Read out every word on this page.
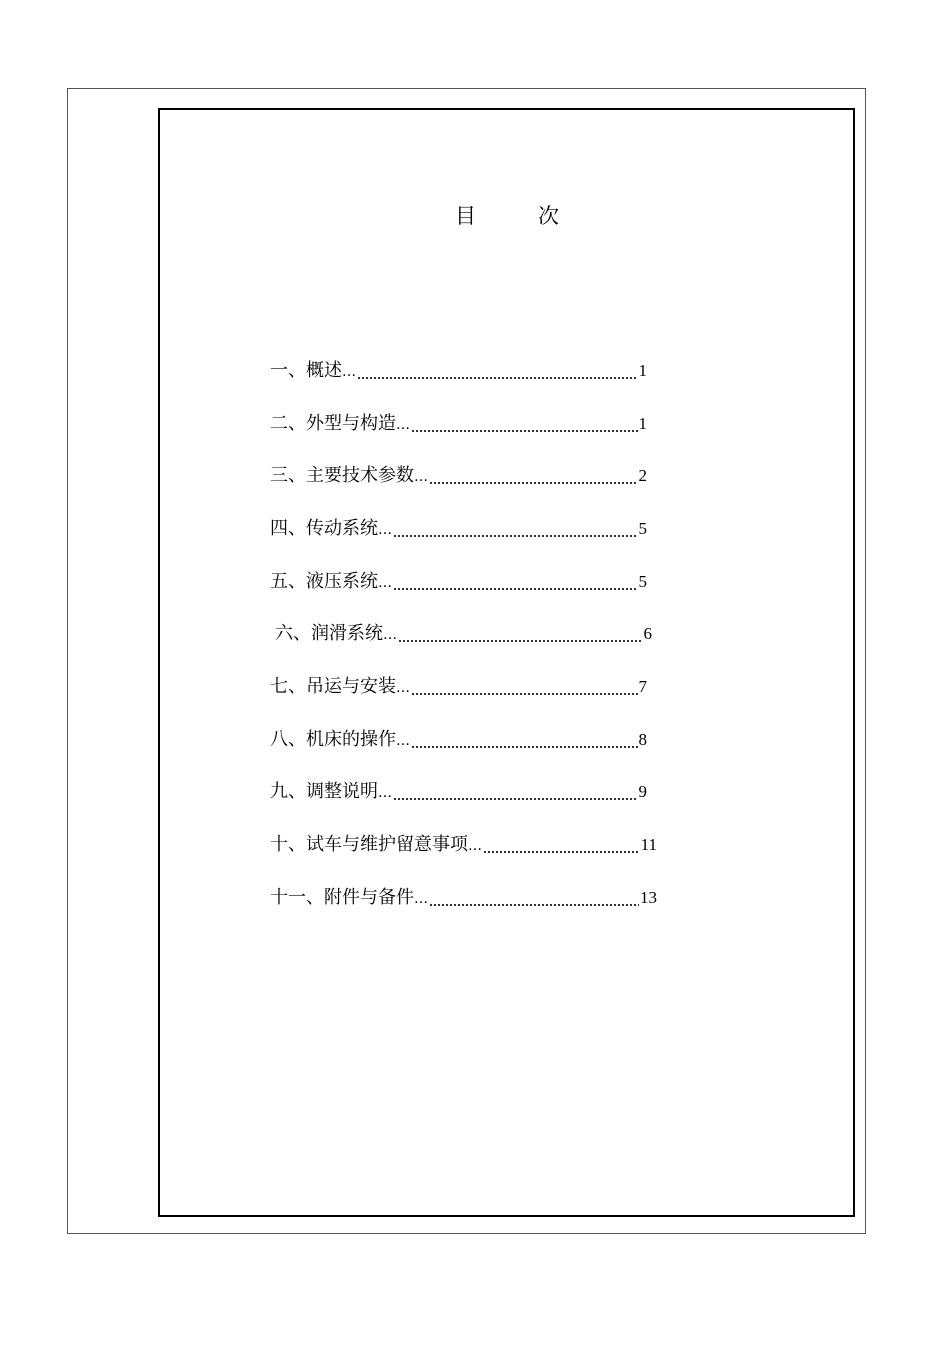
目	次
一、 概述 …	1
二、 外型与构造 …	1
三、 主要技术参数 …	2
四、 传动系统 …	5
五、 液压系统 …	5
六、 润滑系统 …	6
七、 吊运与安装 …	7
八、 机床的操作 …	8
九、 调整说明 …	9
十、 试车与维护留意事项 …	11
十一、 附件与备件 …	13
